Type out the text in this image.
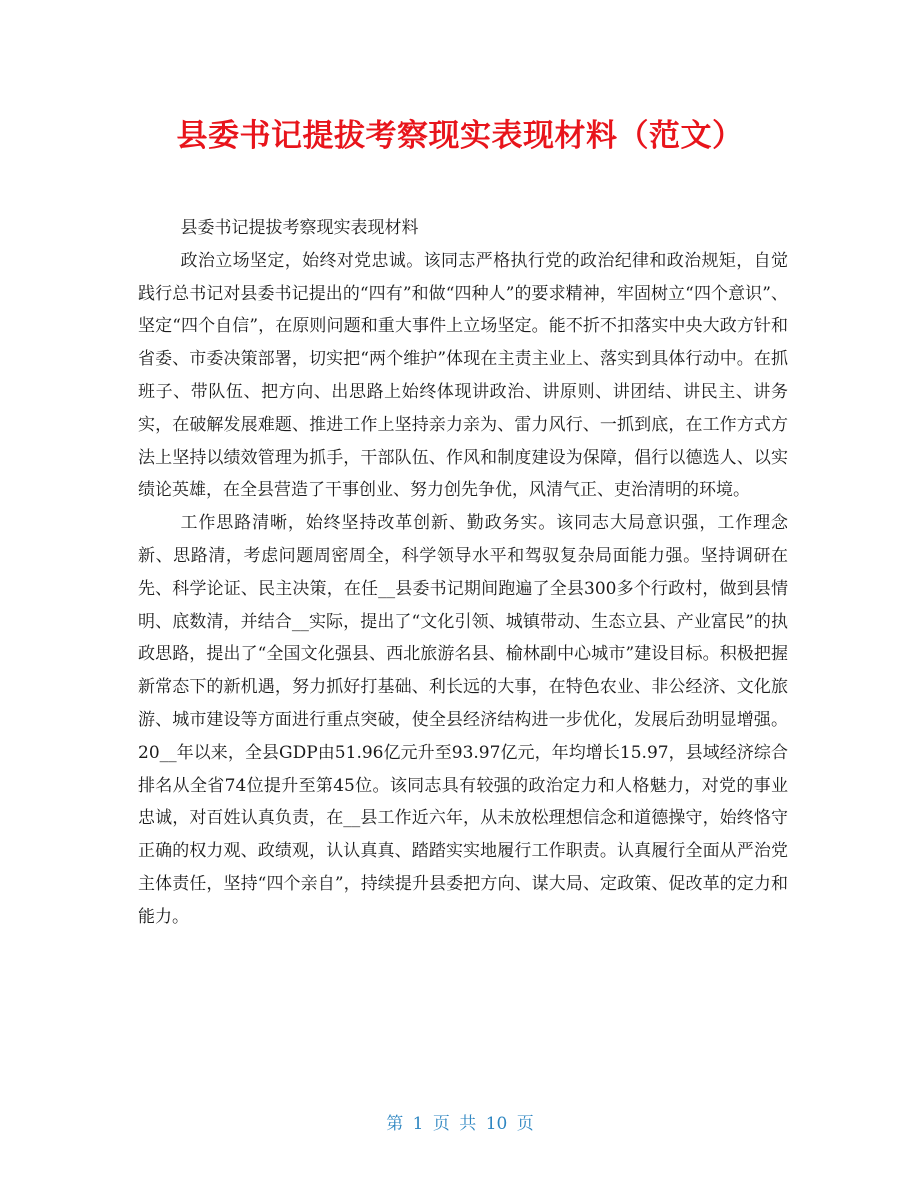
县委书记提拔考察现实表现材料（范文）

县委书记提拔考察现实表现材料

政治立场坚定，始终对党忠诚。该同志严格执行党的政治纪律和政治规矩，自觉践行总书记对县委书记提出的“四有”和做“四种人”的要求精神，牢固树立“四个意识”、坚定“四个自信”，在原则问题和重大事件上立场坚定。能不折不扣落实中央大政方针和省委、市委决策部署，切实把“两个维护”体现在主责主业上、落实到具体行动中。在抓班子、带队伍、把方向、出思路上始终体现讲政治、讲原则、讲团结、讲民主、讲务实，在破解发展难题、推进工作上坚持亲力亲为、雷力风行、一抓到底，在工作方式方法上坚持以绩效管理为抓手，干部队伍、作风和制度建设为保障，倡行以德选人、以实绩论英雄，在全县营造了干事创业、努力创先争优，风清气正、吏治清明的环境。

工作思路清晰，始终坚持改革创新、勤政务实。该同志大局意识强，工作理念新、思路清，考虑问题周密周全，科学领导水平和驾驭复杂局面能力强。坚持调研在先、科学论证、民主决策，在任__县委书记期间跑遍了全县300多个行政村，做到县情明、底数清，并结合__实际，提出了“文化引领、城镇带动、生态立县、产业富民”的执政思路，提出了“全国文化强县、西北旅游名县、榆林副中心城市”建设目标。积极把握新常态下的新机遇，努力抓好打基础、利长远的大事，在特色农业、非公经济、文化旅游、城市建设等方面进行重点突破，使全县经济结构进一步优化，发展后劲明显增强。20__年以来，全县GDP由51.96亿元升至93.97亿元，年均增长15.97，县域经济综合排名从全省74位提升至第45位。该同志具有较强的政治定力和人格魅力，对党的事业忠诚，对百姓认真负责，在__县工作近六年，从未放松理想信念和道德操守，始终恪守正确的权力观、政绩观，认认真真、踏踏实实地履行工作职责。认真履行全面从严治党主体责任，坚持“四个亲自”，持续提升县委把方向、谋大局、定政策、促改革的定力和能力。

第 1 页 共 10 页
